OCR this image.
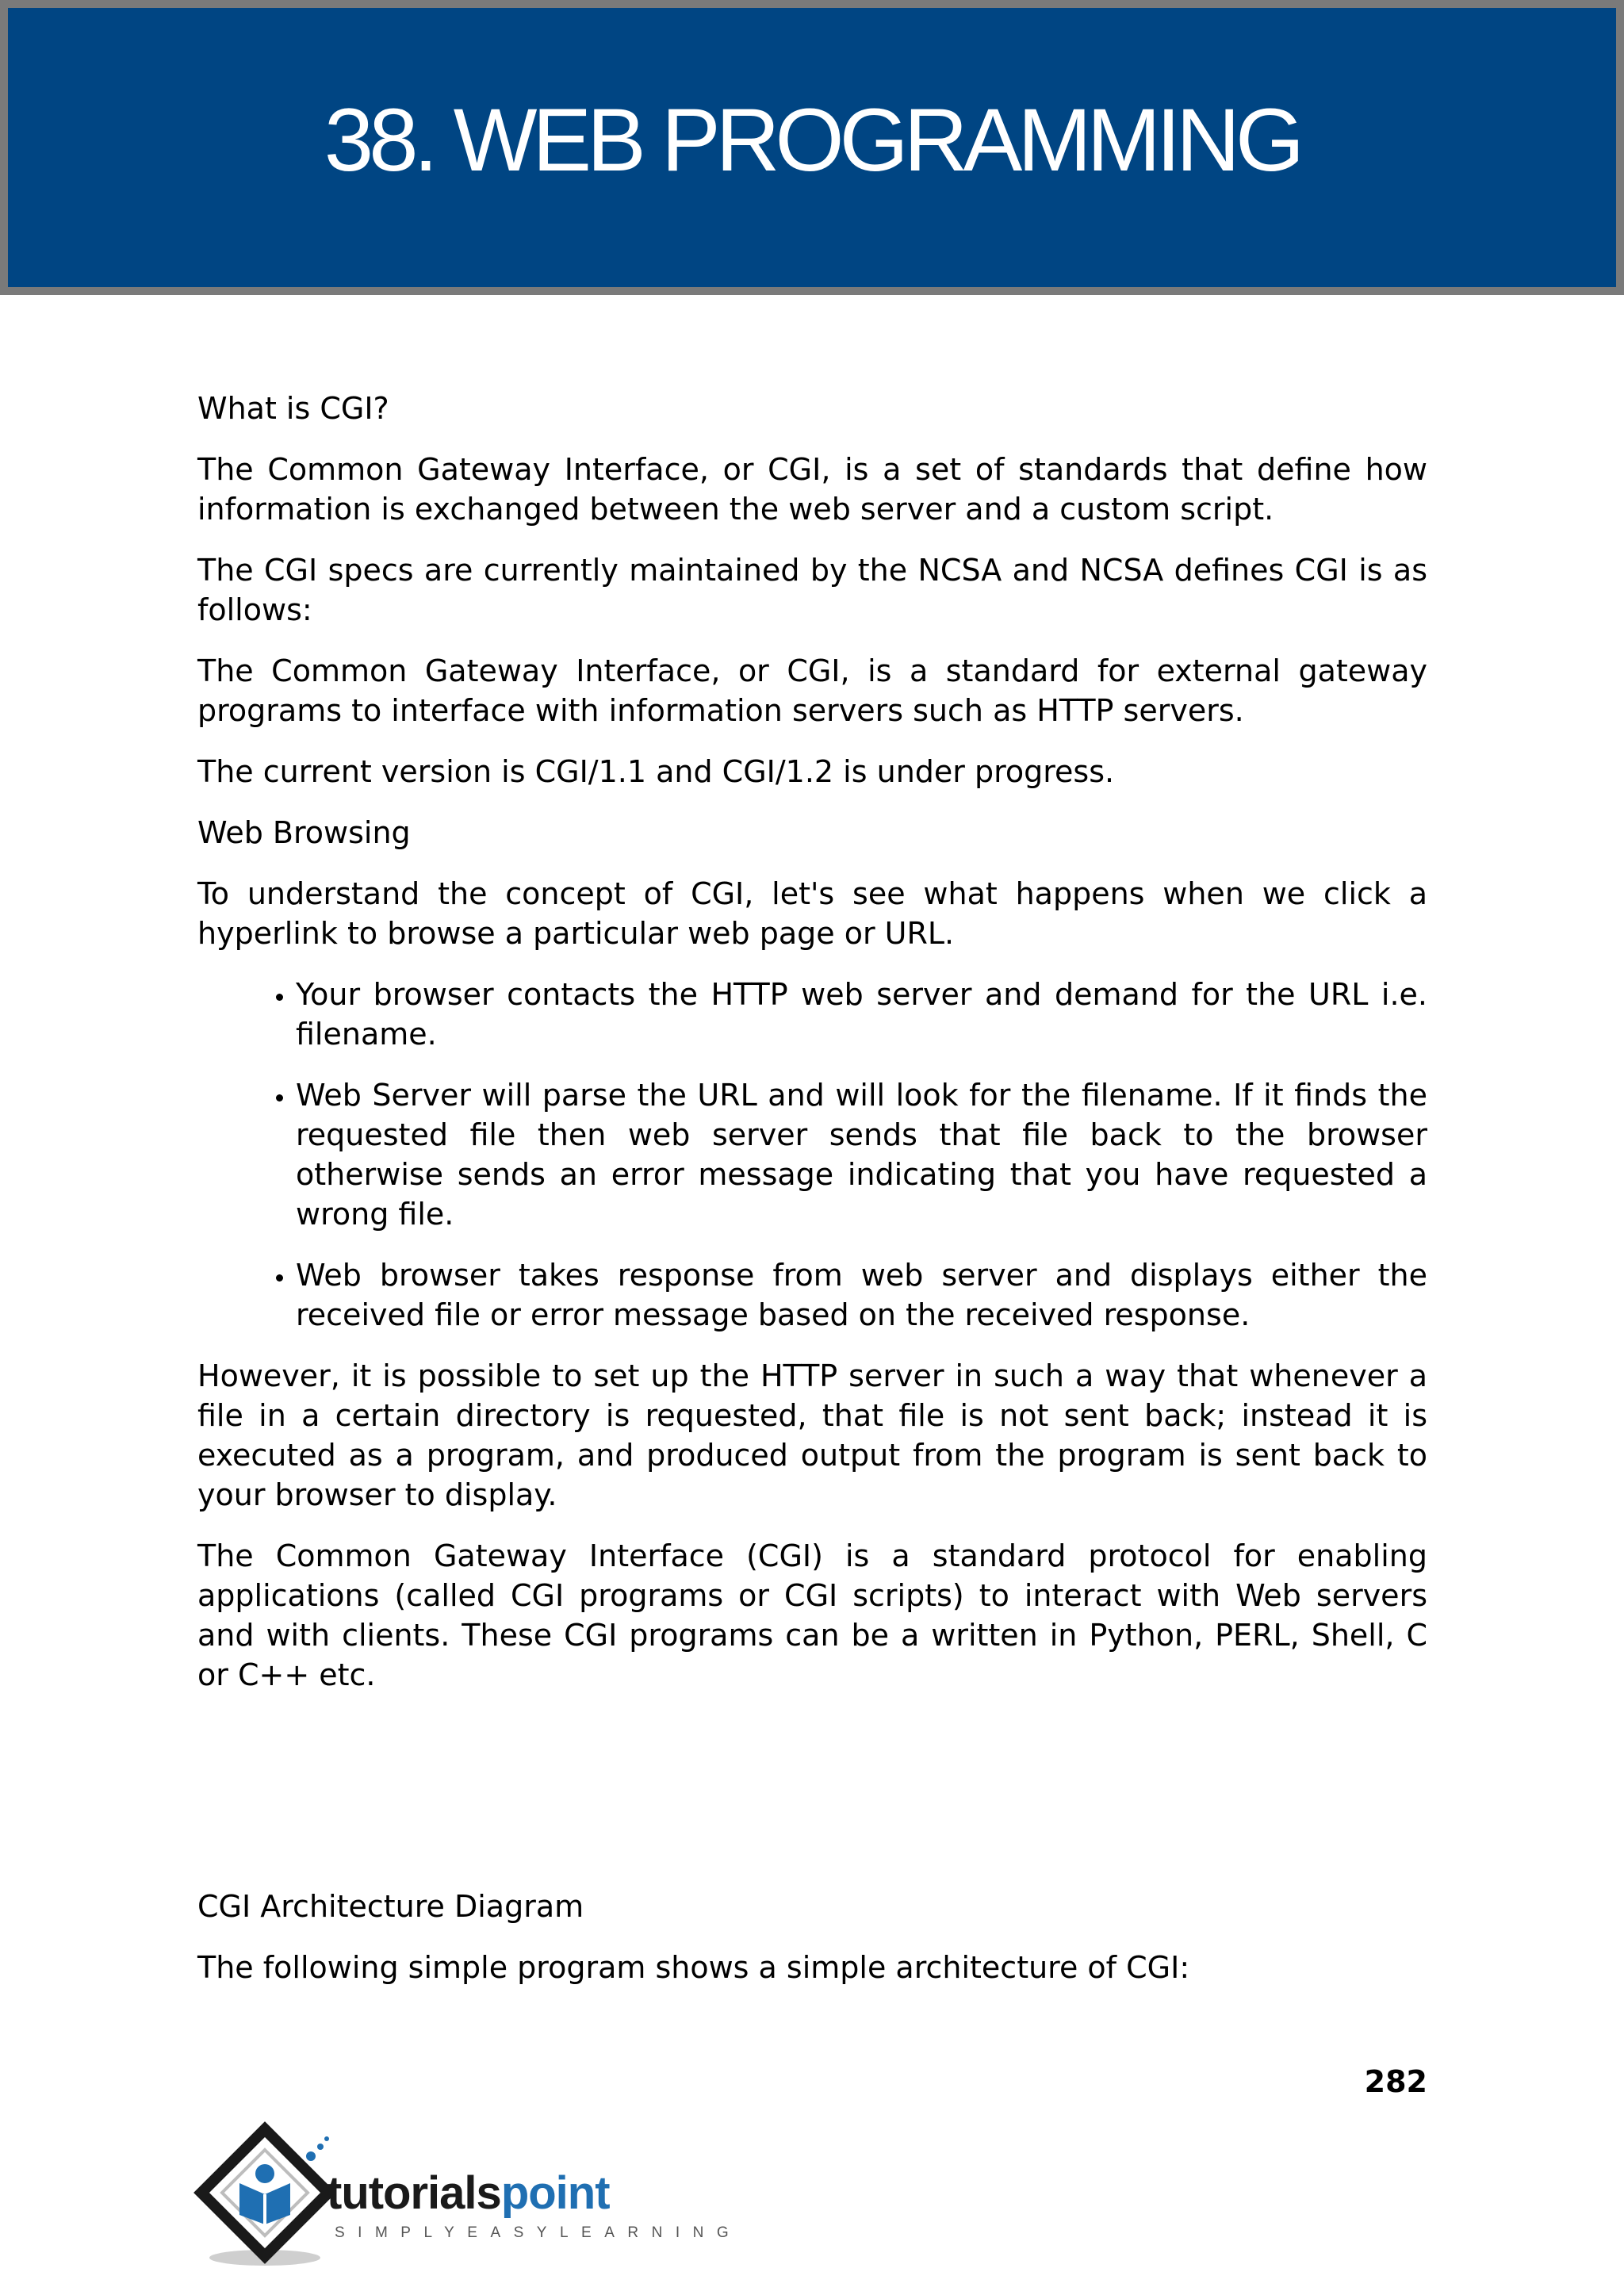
38. WEB PROGRAMMING

What is CGI?

The Common Gateway Interface, or CGI, is a set of standards that define how information is exchanged between the web server and a custom script.

The CGI specs are currently maintained by the NCSA and NCSA defines CGI is as follows:

The Common Gateway Interface, or CGI, is a standard for external gateway programs to interface with information servers such as HTTP servers.

The current version is CGI/1.1 and CGI/1.2 is under progress.

Web Browsing

To understand the concept of CGI, let's see what happens when we click a hyperlink to browse a particular web page or URL.

• Your browser contacts the HTTP web server and demand for the URL i.e. filename.
• Web Server will parse the URL and will look for the filename. If it finds the requested file then web server sends that file back to the browser otherwise sends an error message indicating that you have requested a wrong file.
• Web browser takes response from web server and displays either the received file or error message based on the received response.

However, it is possible to set up the HTTP server in such a way that whenever a file in a certain directory is requested, that file is not sent back; instead it is executed as a program, and produced output from the program is sent back to your browser to display.

The Common Gateway Interface (CGI) is a standard protocol for enabling applications (called CGI programs or CGI scripts) to interact with Web servers and with clients. These CGI programs can be a written in Python, PERL, Shell, C or C++ etc.

CGI Architecture Diagram

The following simple program shows a simple architecture of CGI:

282
tutorialspoint
SIMPLYEASYLEARNING
